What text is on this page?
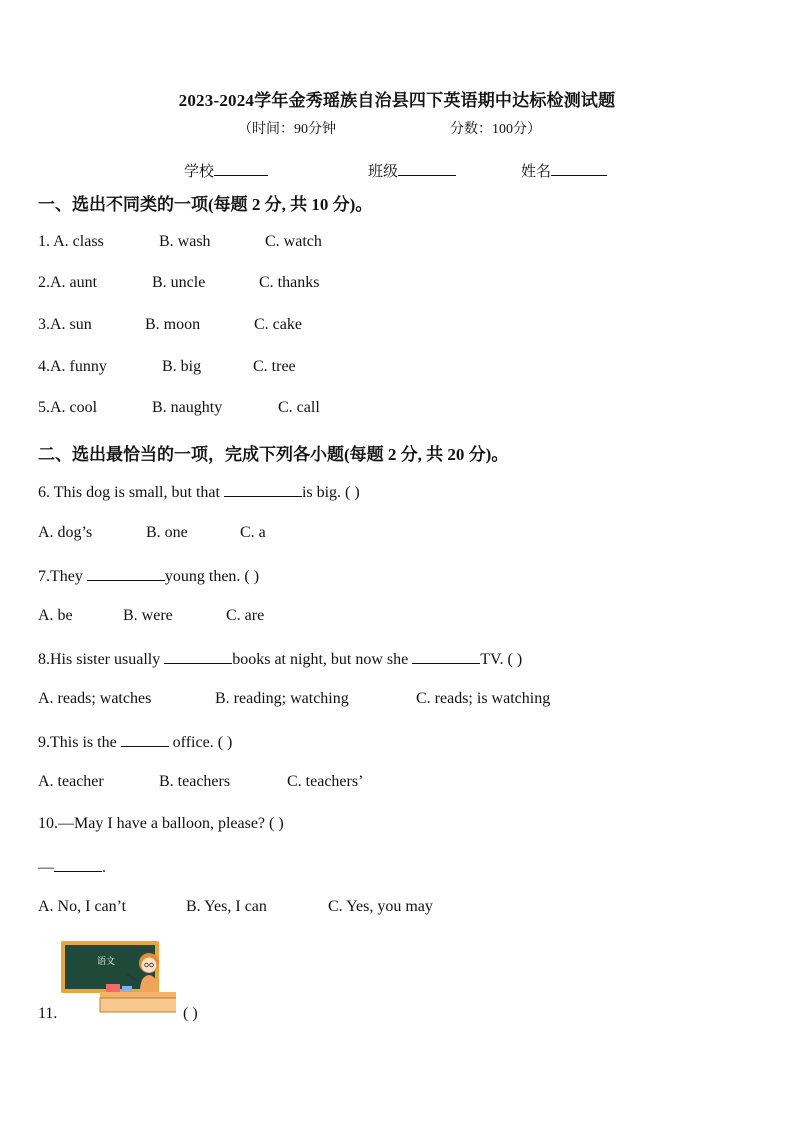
2023-2024学年金秀瑶族自治县四下英语期中达标检测试题
（时间：90分钟	分数：100分）
学校	班级	姓名
一、选出不同类的一项(每题 2 分, 共 10 分)。
1. A. class	B. wash	C. watch
2.A. aunt	B. uncle	C. thanks
3.A. sun	B. moon	C. cake
4.A. funny	B. big	C. tree
5.A. cool	B. naughty	C. call
二、选出最恰当的一项，完成下列各小题(每题 2 分, 共 20 分)。
6. This dog is small, but that	is big. ( )
A. dog’s	B. one	C. a
7.They	young then. ( )
A. be	B. were	C. are
8.His sister usually	books at night, but now she	TV. ( )
A. reads; watches	B. reading; watching	C. reads; is watching
9.This is the	office. ( )
A. teacher	B. teachers	C. teachers’
10.—May I have a balloon, please? ( )
—	.
A. No, I can’t	B. Yes, I can	C. Yes, you may
语文
11.	( )
